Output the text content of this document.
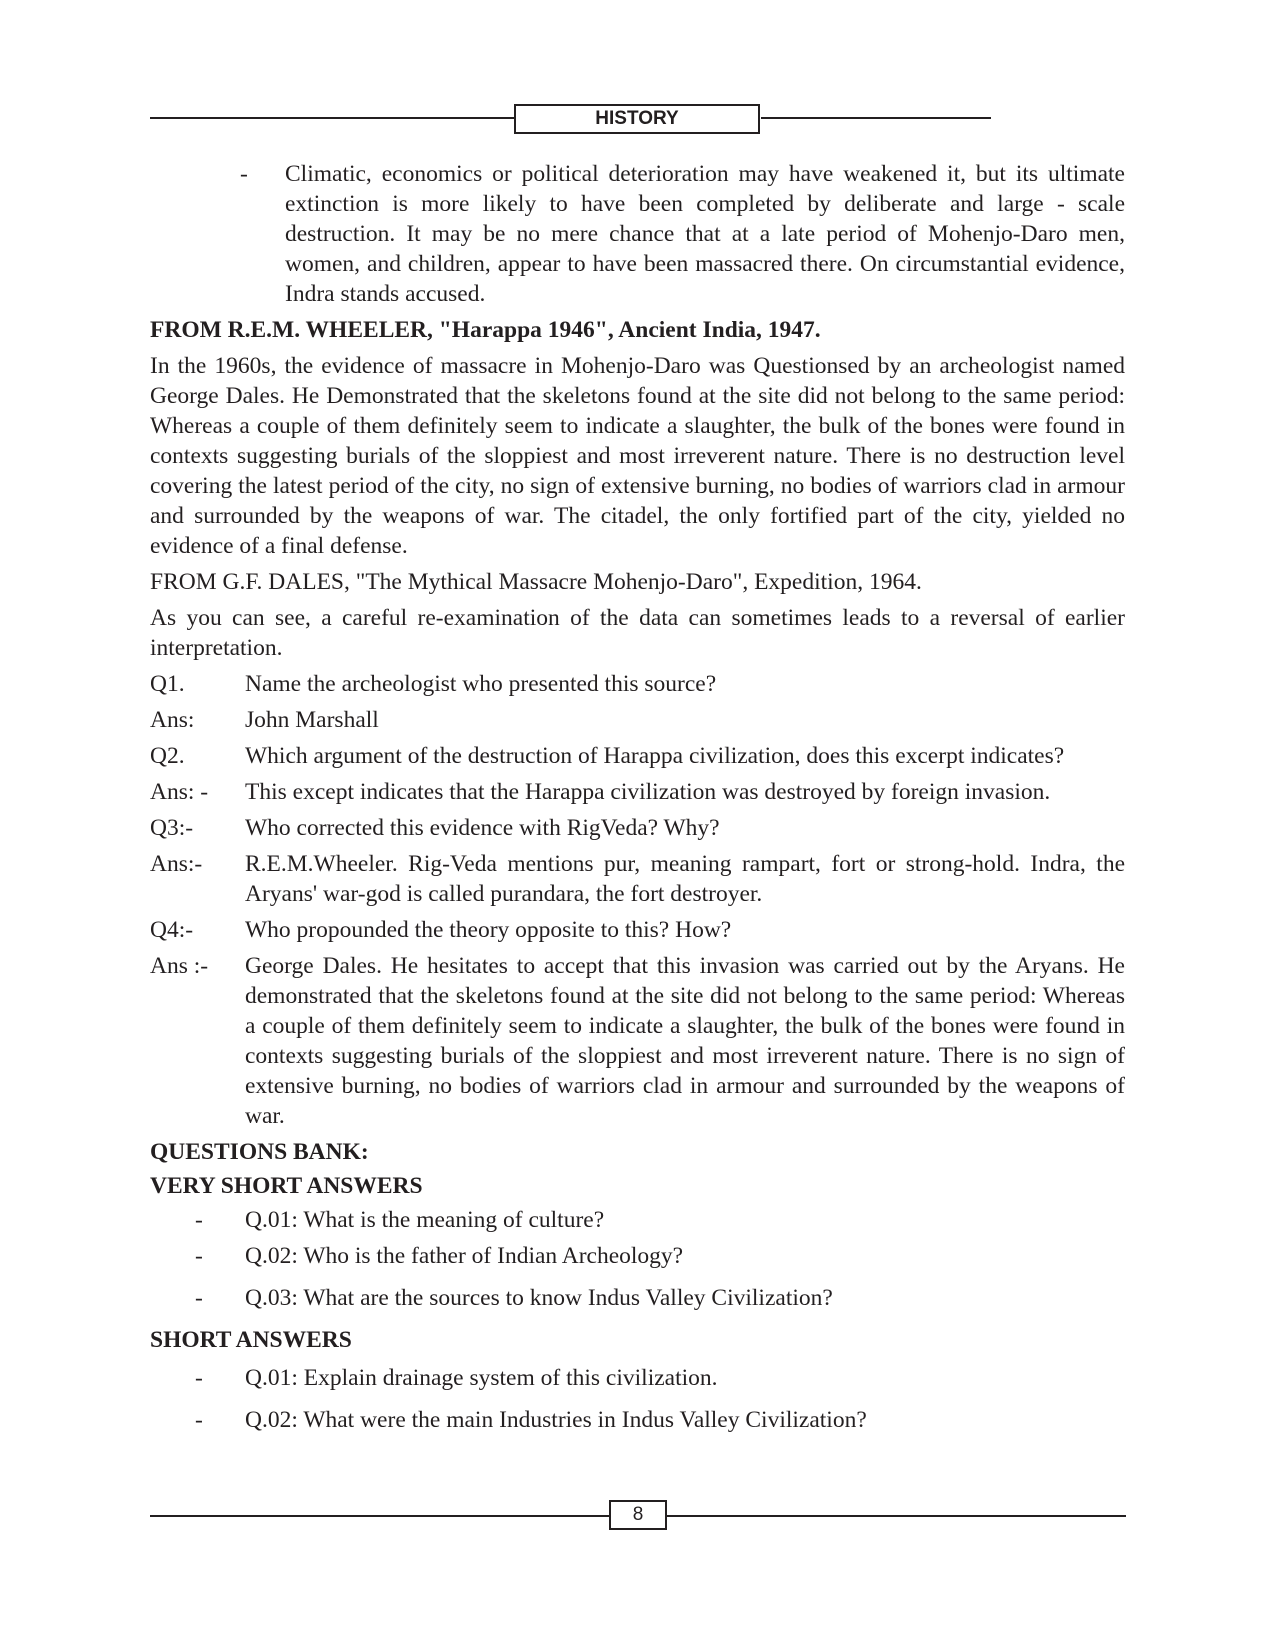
HISTORY
-	Climatic, economics or political deterioration may have weakened it, but its ultimate extinction is more likely to have been completed by deliberate and large - scale destruction. It may be no mere chance that at a late period of Mohenjo-Daro men, women, and children, appear to have been massacred there. On circumstantial evidence, Indra stands accused.

FROM R.E.M. WHEELER, "Harappa 1946", Ancient India, 1947.

In the 1960s, the evidence of massacre in Mohenjo-Daro was Questionsed by an archeologist named George Dales. He Demonstrated that the skeletons found at the site did not belong to the same period: Whereas a couple of them definitely seem to indicate a slaughter, the bulk of the bones were found in contexts suggesting burials of the sloppiest and most irreverent nature. There is no destruction level covering the latest period of the city, no sign of extensive burning, no bodies of warriors clad in armour and surrounded by the weapons of war. The citadel, the only fortified part of the city, yielded no evidence of a final defense.

FROM G.F. DALES, "The Mythical Massacre Mohenjo-Daro", Expedition, 1964.

As you can see, a careful re-examination of the data can sometimes leads to a reversal of earlier interpretation.

Q1.	Name the archeologist who presented this source?
Ans:	John Marshall
Q2.	Which argument of the destruction of Harappa civilization, does this excerpt indicates?
Ans: -	This except indicates that the Harappa civilization was destroyed by foreign invasion.
Q3:-	Who corrected this evidence with RigVeda? Why?
Ans:-	R.E.M.Wheeler. Rig-Veda mentions pur, meaning rampart, fort or strong-hold. Indra, the Aryans' war-god is called purandara, the fort destroyer.
Q4:-	Who propounded the theory opposite to this? How?
Ans :-	George Dales. He hesitates to accept that this invasion was carried out by the Aryans. He demonstrated that the skeletons found at the site did not belong to the same period: Whereas a couple of them definitely seem to indicate a slaughter, the bulk of the bones were found in contexts suggesting burials of the sloppiest and most irreverent nature. There is no sign of extensive burning, no bodies of warriors clad in armour and surrounded by the weapons of war.
QUESTIONS BANK:
VERY SHORT ANSWERS
-	Q.01: What is the meaning of culture?
-	Q.02: Who is the father of Indian Archeology?
-	Q.03: What are the sources to know Indus Valley Civilization?
SHORT ANSWERS
-	Q.01: Explain drainage system of this civilization.
-	Q.02: What were the main Industries in Indus Valley Civilization?
8
